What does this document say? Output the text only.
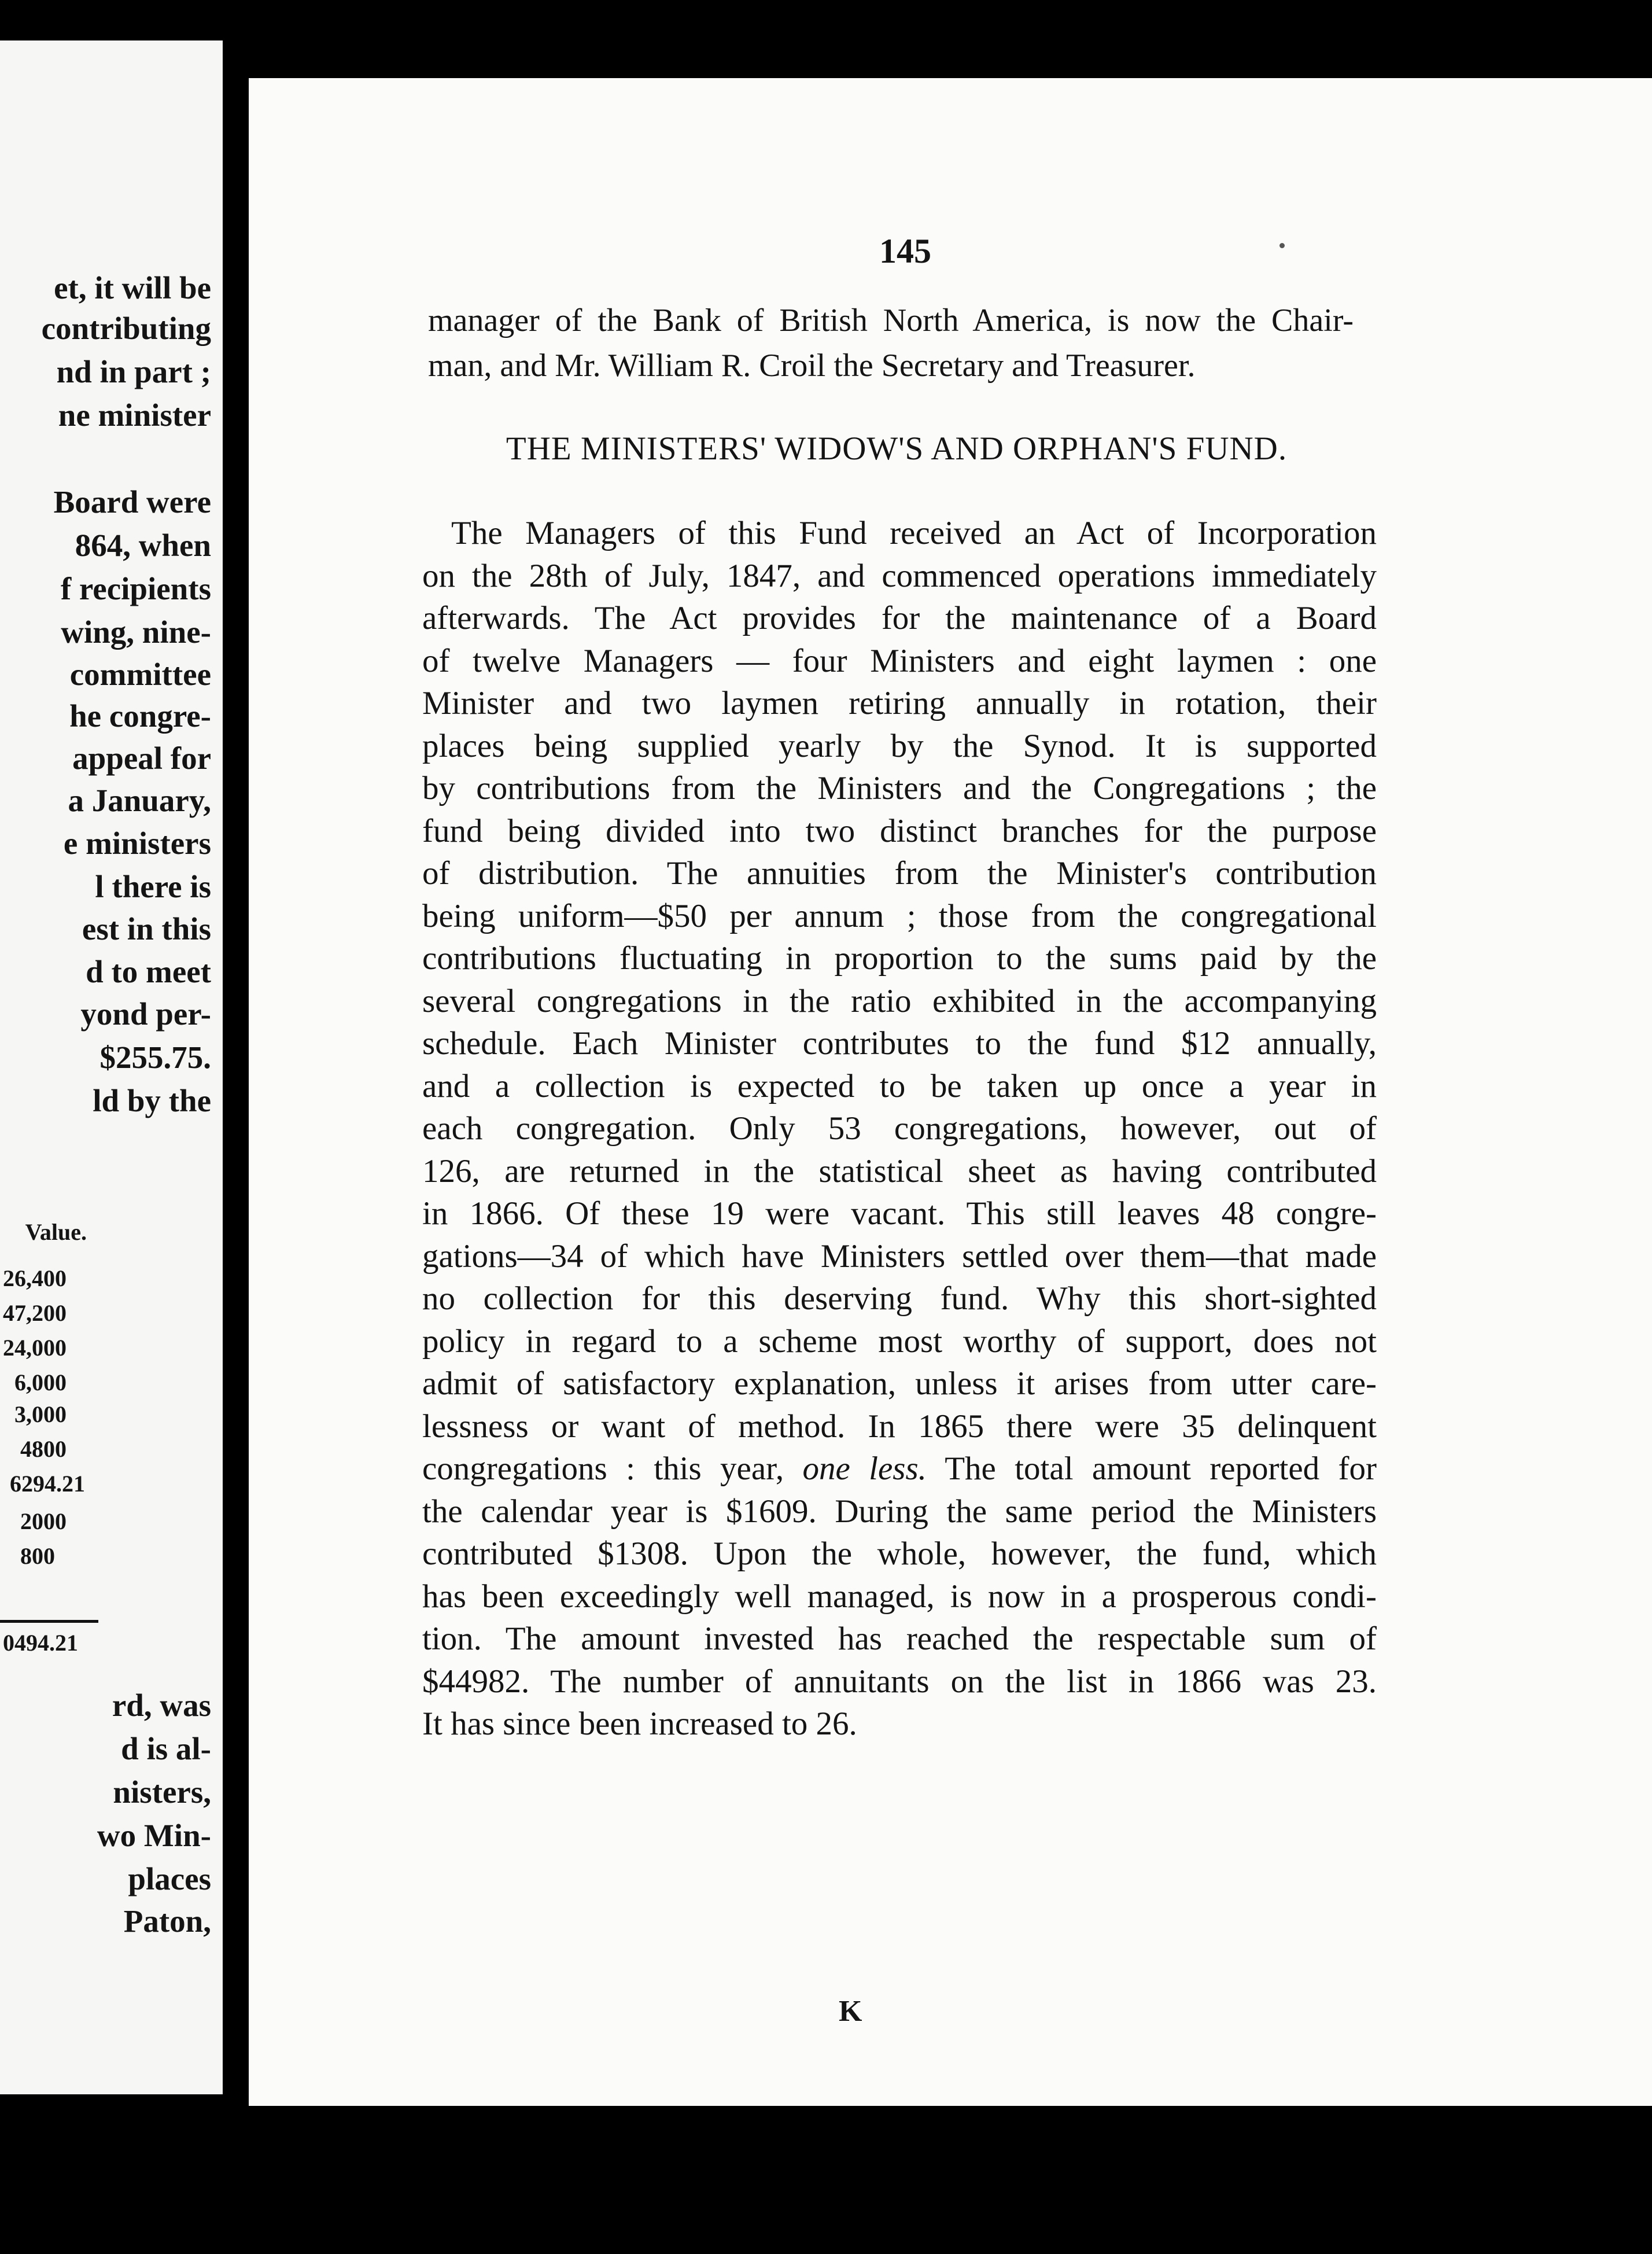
et, it will be
contributing
nd in part ;
ne minister
Board were
864, when
f recipients
wing, nine-
committee
he congre-
appeal for
a January,
e ministers
l there is
est in this
d to meet
yond per-
$255.75.
ld by the
Value.
26,400
47,200
24,000
6,000
3,000
4800
6294.21
2000
800
0494.21
rd, was
d is al-
nisters,
wo Min-
places
Paton,
145

manager of the Bank of British North America, is now the Chair-
man, and Mr. William R. Croil the Secretary and Treasurer.

THE MINISTERS' WIDOW'S AND ORPHAN'S FUND.

The Managers of this Fund received an Act of Incorporation
on the 28th of July, 1847, and commenced operations immediately
afterwards. The Act provides for the maintenance of a Board
of twelve Managers — four Ministers and eight laymen : one
Minister and two laymen retiring annually in rotation, their
places being supplied yearly by the Synod. It is supported
by contributions from the Ministers and the Congregations ; the
fund being divided into two distinct branches for the purpose
of distribution. The annuities from the Minister's contribution
being uniform—$50 per annum ; those from the congregational
contributions fluctuating in proportion to the sums paid by the
several congregations in the ratio exhibited in the accompanying
schedule. Each Minister contributes to the fund $12 annually,
and a collection is expected to be taken up once a year in
each congregation. Only 53 congregations, however, out of
126, are returned in the statistical sheet as having contributed
in 1866. Of these 19 were vacant. This still leaves 48 congre-
gations—34 of which have Ministers settled over them—that made
no collection for this deserving fund. Why this short-sighted
policy in regard to a scheme most worthy of support, does not
admit of satisfactory explanation, unless it arises from utter care-
lessness or want of method. In 1865 there were 35 delinquent
congregations : this year, one less. The total amount reported for
the calendar year is $1609. During the same period the Ministers
contributed $1308. Upon the whole, however, the fund, which
has been exceedingly well managed, is now in a prosperous condi-
tion. The amount invested has reached the respectable sum of
$44982. The number of annuitants on the list in 1866 was 23.
It has since been increased to 26.

K
